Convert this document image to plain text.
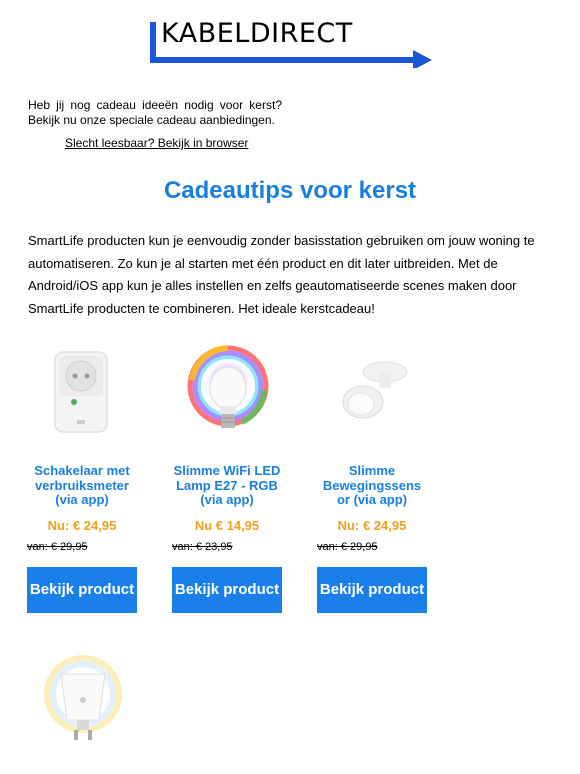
KABELDIRECT

Heb jij nog cadeau ideeën nodig voor kerst?

Bekijk nu onze speciale cadeau aanbiedingen.

Slecht leesbaar? Bekijk in browser
Cadeautips voor kerst
SmartLife producten kun je eenvoudig zonder basisstation gebruiken om jouw woning te automatiseren. Zo kun je al starten met één product en dit later uitbreiden. Met de Android/iOS app kun je alles instellen en zelfs geautomatiseerde scenes maken door SmartLife producten te combineren. Het ideale kerstcadeau!
Schakelaar met verbruiksmeter (via app)
Nu: € 24,95
van: € 29,95
Bekijk product
Slimme WiFi LED Lamp E27 - RGB (via app)
Nu € 14,95
van: € 23,95
Bekijk product
Slimme Bewegingssens or (via app)
Nu: € 24,95
van: € 29,95
Bekijk product
